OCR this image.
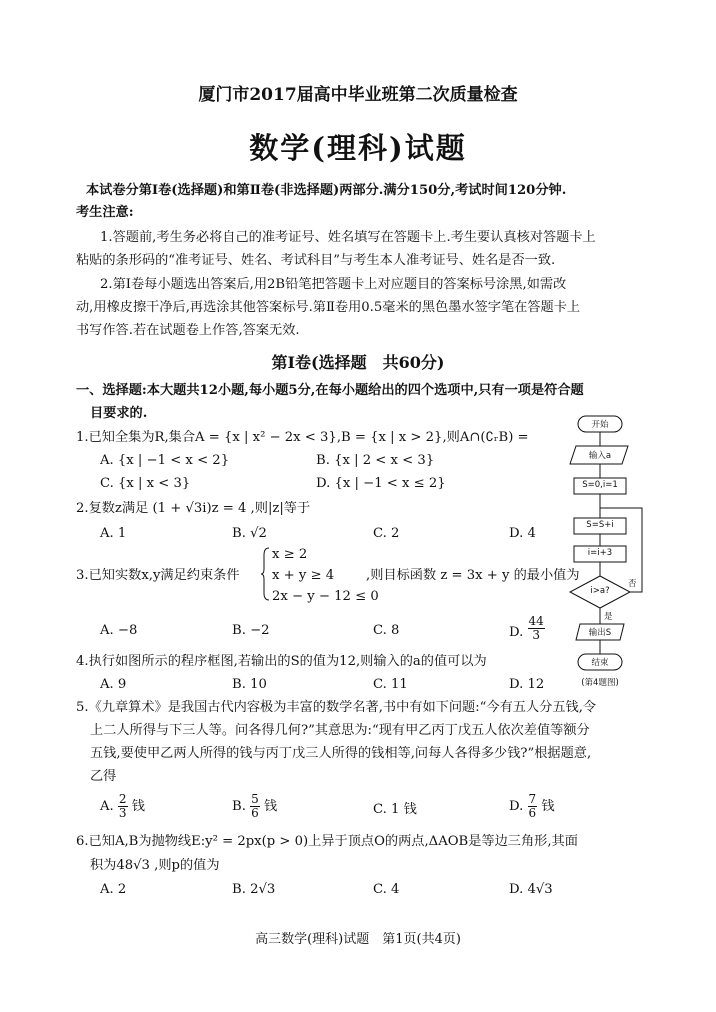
厦门市2017届高中毕业班第二次质量检查
数学(理科)试题
本试卷分第Ⅰ卷(选择题)和第Ⅱ卷(非选择题)两部分.满分150分,考试时间120分钟.
考生注意:
1.答题前,考生务必将自己的准考证号、姓名填写在答题卡上.考生要认真核对答题卡上
粘贴的条形码的“准考证号、姓名、考试科目”与考生本人准考证号、姓名是否一致.
2.第Ⅰ卷每小题选出答案后,用2B铅笔把答题卡上对应题目的答案标号涂黑,如需改
动,用橡皮擦干净后,再选涂其他答案标号.第Ⅱ卷用0.5毫米的黑色墨水签字笔在答题卡上
书写作答.若在试题卷上作答,答案无效.
第Ⅰ卷(选择题　共60分)
一、选择题:本大题共12小题,每小题5分,在每小题给出的四个选项中,只有一项是符合题
目要求的.
1.已知全集为R,集合A = {x | x² − 2x < 3},B = {x | x > 2},则A∩(∁ᵣB) =
A. {x | −1 < x < 2}	B. {x | 2 < x < 3}
C. {x | x < 3}	D. {x | −1 < x ≤ 2}
2.复数z满足 (1 + √3i)z = 4 ,则|z|等于
A. 1	B. √2	C. 2	D. 4
3.已知实数x,y满足约束条件
x ≥ 2
x + y ≥ 4
2x − y − 12 ≤ 0
,则目标函数 z = 3x + y 的最小值为
A. −8	B. −2	C. 8	D. $\frac{44}{3}$
4.执行如图所示的程序框图,若输出的S的值为12,则输入的a的值可以为
A. 9	B. 10	C. 11	D. 12
5.《九章算术》是我国古代内容极为丰富的数学名著,书中有如下问题:“今有五人分五钱,令
上二人所得与下三人等。问各得几何?”其意思为:“现有甲乙丙丁戊五人依次差值等额分
五钱,要使甲乙两人所得的钱与丙丁戊三人所得的钱相等,问每人各得多少钱?”根据题意,
乙得
A. $\frac{2}{3}$ 钱	B. $\frac{5}{6}$ 钱	C. 1 钱	D. $\frac{7}{6}$ 钱
6.已知A,B为抛物线E:y² = 2px(p > 0)上异于顶点O的两点,ΔAOB是等边三角形,其面
积为48√3 ,则p的值为
A. 2	B. 2√3	C. 4	D. 4√3
开始
输入a
S=0,i=1
S=S+i
i=i+3
i>a?
否
是
输出S
结束
(第4题图)
高三数学(理科)试题　第1页(共4页)
